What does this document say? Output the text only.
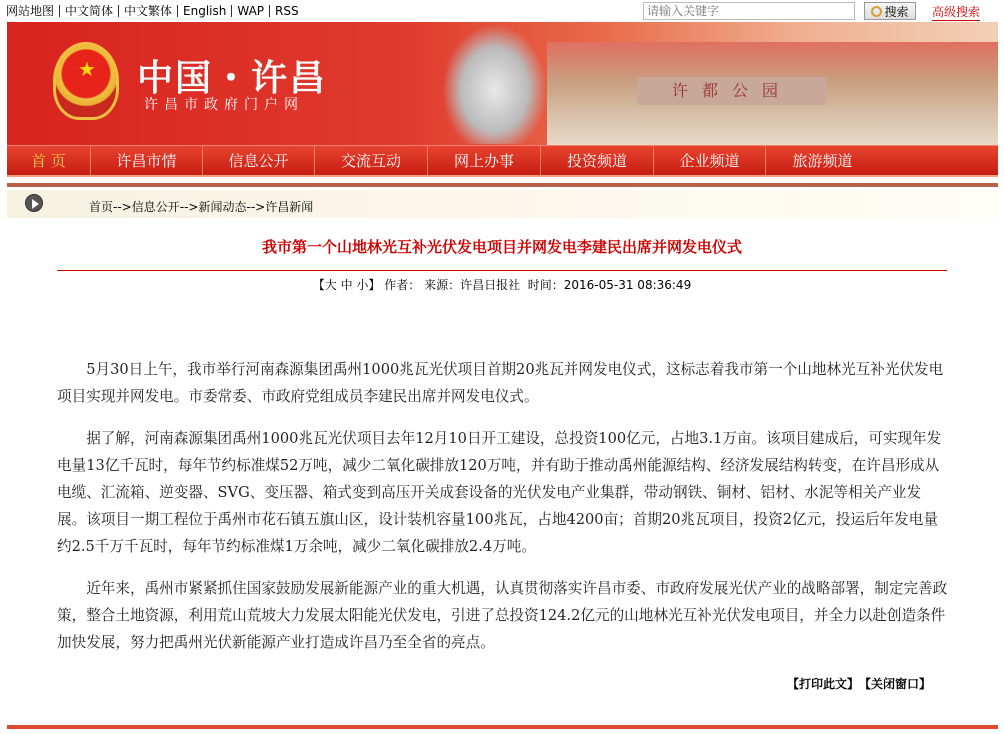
网站地图 中文简体 中文繁体 English WAP RSS
请输入关键字	搜索 高级搜索
★ 中国・许昌
许昌市政府门户网
许都公园
首 页	许昌市情	信息公开	交流互动	网上办事	投资频道	企业频道	旅游频道
首页-->信息公开-->新闻动态-->许昌新闻
我市第一个山地林光互补光伏发电项目并网发电李建民出席并网发电仪式
【大 中 小】 作者： 来源：许昌日报社 时间：2016-05-31 08:36:49

5月30日上午，我市举行河南森源集团禹州1000兆瓦光伏项目首期20兆瓦并网发电仪式，这标志着我市第一个山地林光互补光伏发电项目实现并网发电。市委常委、市政府党组成员李建民出席并网发电仪式。

据了解，河南森源集团禹州1000兆瓦光伏项目去年12月10日开工建设，总投资100亿元，占地3.1万亩。该项目建成后，可实现年发电量13亿千瓦时，每年节约标准煤52万吨，减少二氧化碳排放120万吨，并有助于推动禹州能源结构、经济发展结构转变，在许昌形成从电缆、汇流箱、逆变器、SVG、变压器、箱式变到高压开关成套设备的光伏发电产业集群，带动钢铁、铜材、铝材、水泥等相关产业发展。该项目一期工程位于禹州市花石镇五旗山区，设计装机容量100兆瓦，占地4200亩；首期20兆瓦项目，投资2亿元，投运后年发电量约2.5千万千瓦时，每年节约标准煤1万余吨，减少二氧化碳排放2.4万吨。

近年来，禹州市紧紧抓住国家鼓励发展新能源产业的重大机遇，认真贯彻落实许昌市委、市政府发展光伏产业的战略部署，制定完善政策，整合土地资源，利用荒山荒坡大力发展太阳能光伏发电，引进了总投资124.2亿元的山地林光互补光伏发电项目，并全力以赴创造条件加快发展，努力把禹州光伏新能源产业打造成许昌乃至全省的亮点。

【打印此文】 【关闭窗口】
